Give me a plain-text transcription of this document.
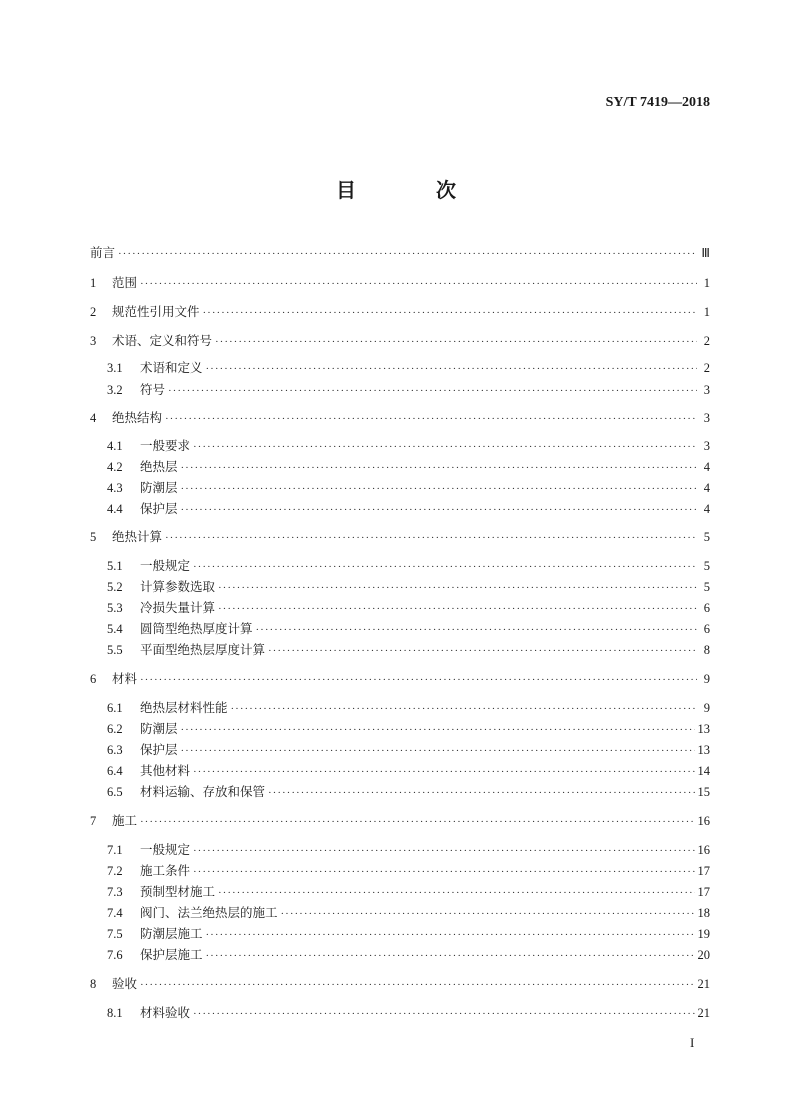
SY/T 7419—2018
目　次
前言 ·····	Ⅲ
1	范围 ·····	1
2	规范性引用文件 ·····	1
3	术语、定义和符号 ·····	2
3.1	术语和定义 ·····	2
3.2	符号 ·····	3
4	绝热结构 ·····	3
4.1	一般要求 ·····	3
4.2	绝热层 ·····	4
4.3	防潮层 ·····	4
4.4	保护层 ·····	4
5	绝热计算 ·····	5
5.1	一般规定 ·····	5
5.2	计算参数选取 ·····	5
5.3	冷损失量计算 ·····	6
5.4	圆筒型绝热厚度计算 ·····	6
5.5	平面型绝热层厚度计算 ·····	8
6	材料 ·····	9
6.1	绝热层材料性能 ·····	9
6.2	防潮层 ·····	13
6.3	保护层 ·····	13
6.4	其他材料 ·····	14
6.5	材料运输、存放和保管 ·····	15
7	施工 ·····	16
7.1	一般规定 ·····	16
7.2	施工条件 ·····	17
7.3	预制型材施工 ·····	17
7.4	阀门、法兰绝热层的施工 ·····	18
7.5	防潮层施工 ·····	19
7.6	保护层施工 ·····	20
8	验收 ·····	21
8.1	材料验收 ·····	21
I
